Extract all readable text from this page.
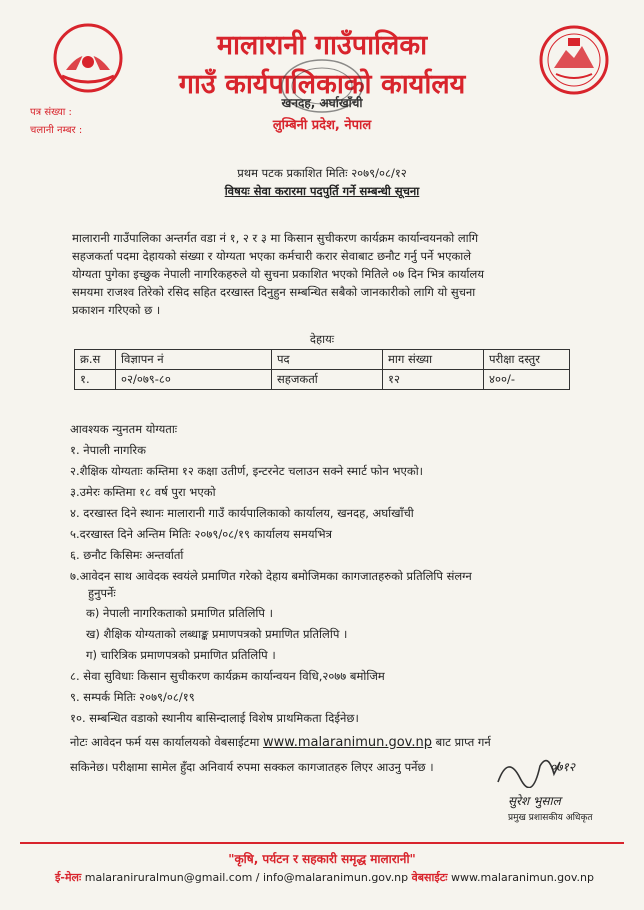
मालारानी गाउँपालिका
गाउँ कार्यपालिकाको कार्यालय
खनदह, अर्घाखाँची
लुम्बिनी प्रदेश, नेपाल
पत्र संख्या :
चलानी नम्बर :
प्रथम पटक प्रकाशित मितिः २०७९/०८/१२
विषयः सेवा करारमा पदपुर्ति गर्ने सम्बन्धी सूचना
मालारानी गाउँपालिका अन्तर्गत वडा नं १, २ र ३ मा किसान सुचीकरण कार्यक्रम कार्यान्वयनको लागि
सहजकर्ता पदमा देहायको संख्या र योग्यता भएका कर्मचारी करार सेवाबाट छनौट गर्नु पर्ने भएकाले
योग्यता पुगेका इच्छुक नेपाली नागरिकहरुले यो सुचना प्रकाशित भएको मितिले ०७ दिन भित्र कार्यालय
समयमा राजश्व तिरेको रसिद सहित दरखास्त दिनुहुन सम्बन्धित सबैको जानकारीको लागि यो सुचना
प्रकाशन गरिएको छ ।
देहायः
क्र.स	विज्ञापन नं	पद	माग संख्या	परीक्षा दस्तुर
१.	०२/०७९-८०	सहजकर्ता	१२	४००/-
आवश्यक न्युनतम योग्यताः
१. नेपाली नागरिक
२.शैक्षिक योग्यताः कम्तिमा १२ कक्षा उतीर्ण, इन्टरनेट चलाउन सक्ने स्मार्ट फोन भएको।
३.उमेरः कम्तिमा १८ वर्ष पुरा भएको
४. दरखास्त दिने स्थानः मालारानी गाउँ कार्यपालिकाको कार्यालय, खनदह, अर्घाखाँची
५.दरखास्त दिने अन्तिम मितिः २०७९/०८/१९ कार्यालय समयभित्र
६. छनौट किसिमः अन्तर्वार्ता
७.आवेदन साथ आवेदक स्वयंले प्रमाणित गरेको देहाय बमोजिमका कागजातहरुको प्रतिलिपि संलग्न
हुनुपर्नेः
क) नेपाली नागरिकताको प्रमाणित प्रतिलिपि ।
ख) शैक्षिक योग्यताको लब्धाङ्क प्रमाणपत्रको प्रमाणित प्रतिलिपि ।
ग) चारित्रिक प्रमाणपत्रको प्रमाणित प्रतिलिपि ।
८. सेवा सुविधाः किसान सुचीकरण कार्यक्रम कार्यान्वयन विधि,२०७७ बमोजिम
९. सम्पर्क मितिः २०७९/०८/१९
१०. सम्बन्धित वडाको स्थानीय बासिन्दालाई विशेष प्राथमिकता दिईनेछ।
नोटः आवेदन फर्म यस कार्यालयको वेबसाईटमा www.malaranimun.gov.np बाट प्राप्त गर्न
सकिनेछ। परीक्षामा सामेल हुँदा अनिवार्य रुपमा सक्कल कागजातहरु लिएर आउनु पर्नेछ ।	०७१२
सुरेश भुसाल
प्रमुख प्रशासकीय अधिकृत
"कृषि, पर्यटन र सहकारी समृद्ध मालारानी"
ई-मेलः malaraniruralmun@gmail.com / info@malaranimun.gov.np वेबसाईटः www.malaranimun.gov.np
